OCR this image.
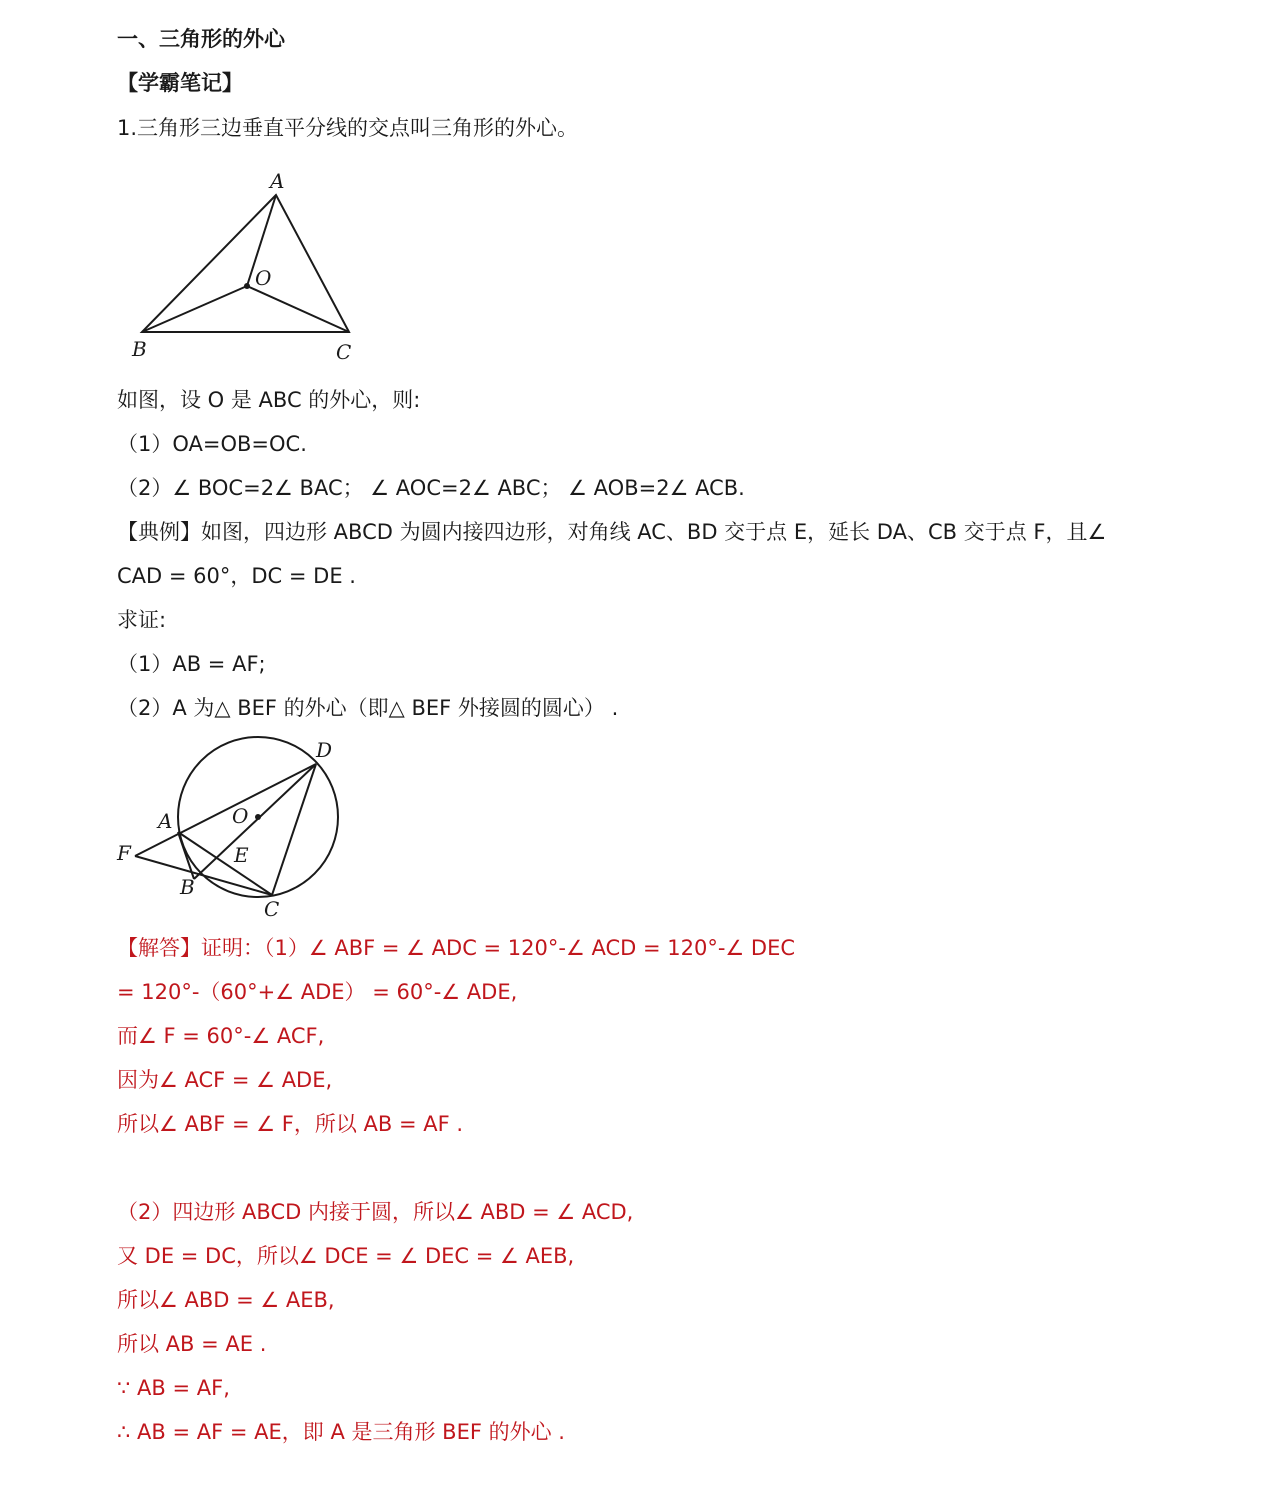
一、三角形的外心
【学霸笔记】
1.三角形三边垂直平分线的交点叫三角形的外心。
A
O
B	C
如图，设 O 是 ABC 的外心，则:
（1）OA=OB=OC.
（2）∠ BOC=2∠ BAC； ∠ AOC=2∠ ABC； ∠ AOB=2∠ ACB.
【典例】如图，四边形 ABCD 为圆内接四边形，对角线 AC、BD 交于点 E，延长 DA、CB 交于点 F，且∠
CAD = 60°，DC = DE .
求证:
（1）AB = AF;
（2）A 为△ BEF 的外心（即△ BEF 外接圆的圆心） .
D
O
A
F	E
B
C
【解答】证明：（1）∠ ABF = ∠ ADC = 120°-∠ ACD = 120°-∠ DEC
= 120°-（60°+∠ ADE） = 60°-∠ ADE,
而∠ F = 60°-∠ ACF,
因为∠ ACF = ∠ ADE,
所以∠ ABF = ∠ F，所以 AB = AF .
（2）四边形 ABCD 内接于圆，所以∠ ABD = ∠ ACD,
又 DE = DC，所以∠ DCE = ∠ DEC = ∠ AEB,
所以∠ ABD = ∠ AEB,
所以 AB = AE .
∵ AB = AF,
∴ AB = AF = AE，即 A 是三角形 BEF 的外心 .
